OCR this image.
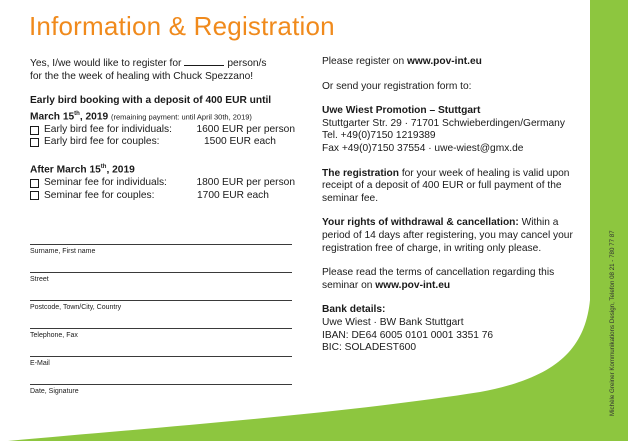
Information & Registration

Yes, I/we would like to register for	person/s
for the the week of healing with Chuck Spezzano!

Early bird booking with a deposit of 400 EUR until
March 15th, 2019 (remaining payment: until April 30th, 2019)

Early bird fee for individuals:	1600 EUR per person
Early bird fee for couples:	1500 EUR each

After March 15th, 2019

Seminar fee for individuals:	1800 EUR per person
Seminar fee for couples:	1700 EUR each
Surname, First name
Street
Postcode, Town/City, Country
Telephone, Fax
E-Mail
Date, Signature

Please register on www.pov-int.eu

Or send your registration form to:

Uwe Wiest Promotion – Stuttgart
Stuttgarter Str. 29 · 71701 Schwieberdingen/Germany
Tel. +49(0)7150 1219389
Fax +49(0)7150 37554 · uwe-wiest@gmx.de

The registration for your week of healing is valid upon receipt of a deposit of 400 EUR or full payment of the seminar fee.

Your rights of withdrawal & cancellation: Within a period of 14 days after registering, you may cancel your registration free of charge, in writing only please.

Please read the terms of cancellation regarding this seminar on www.pov-int.eu

Bank details:
Uwe Wiest · BW Bank Stuttgart
IBAN: DE64 6005 0101 0001 3351 76
BIC: SOLADEST600	Michèle Greiner Kommunikations Design, Telefon 08 21 - 780 77 87
